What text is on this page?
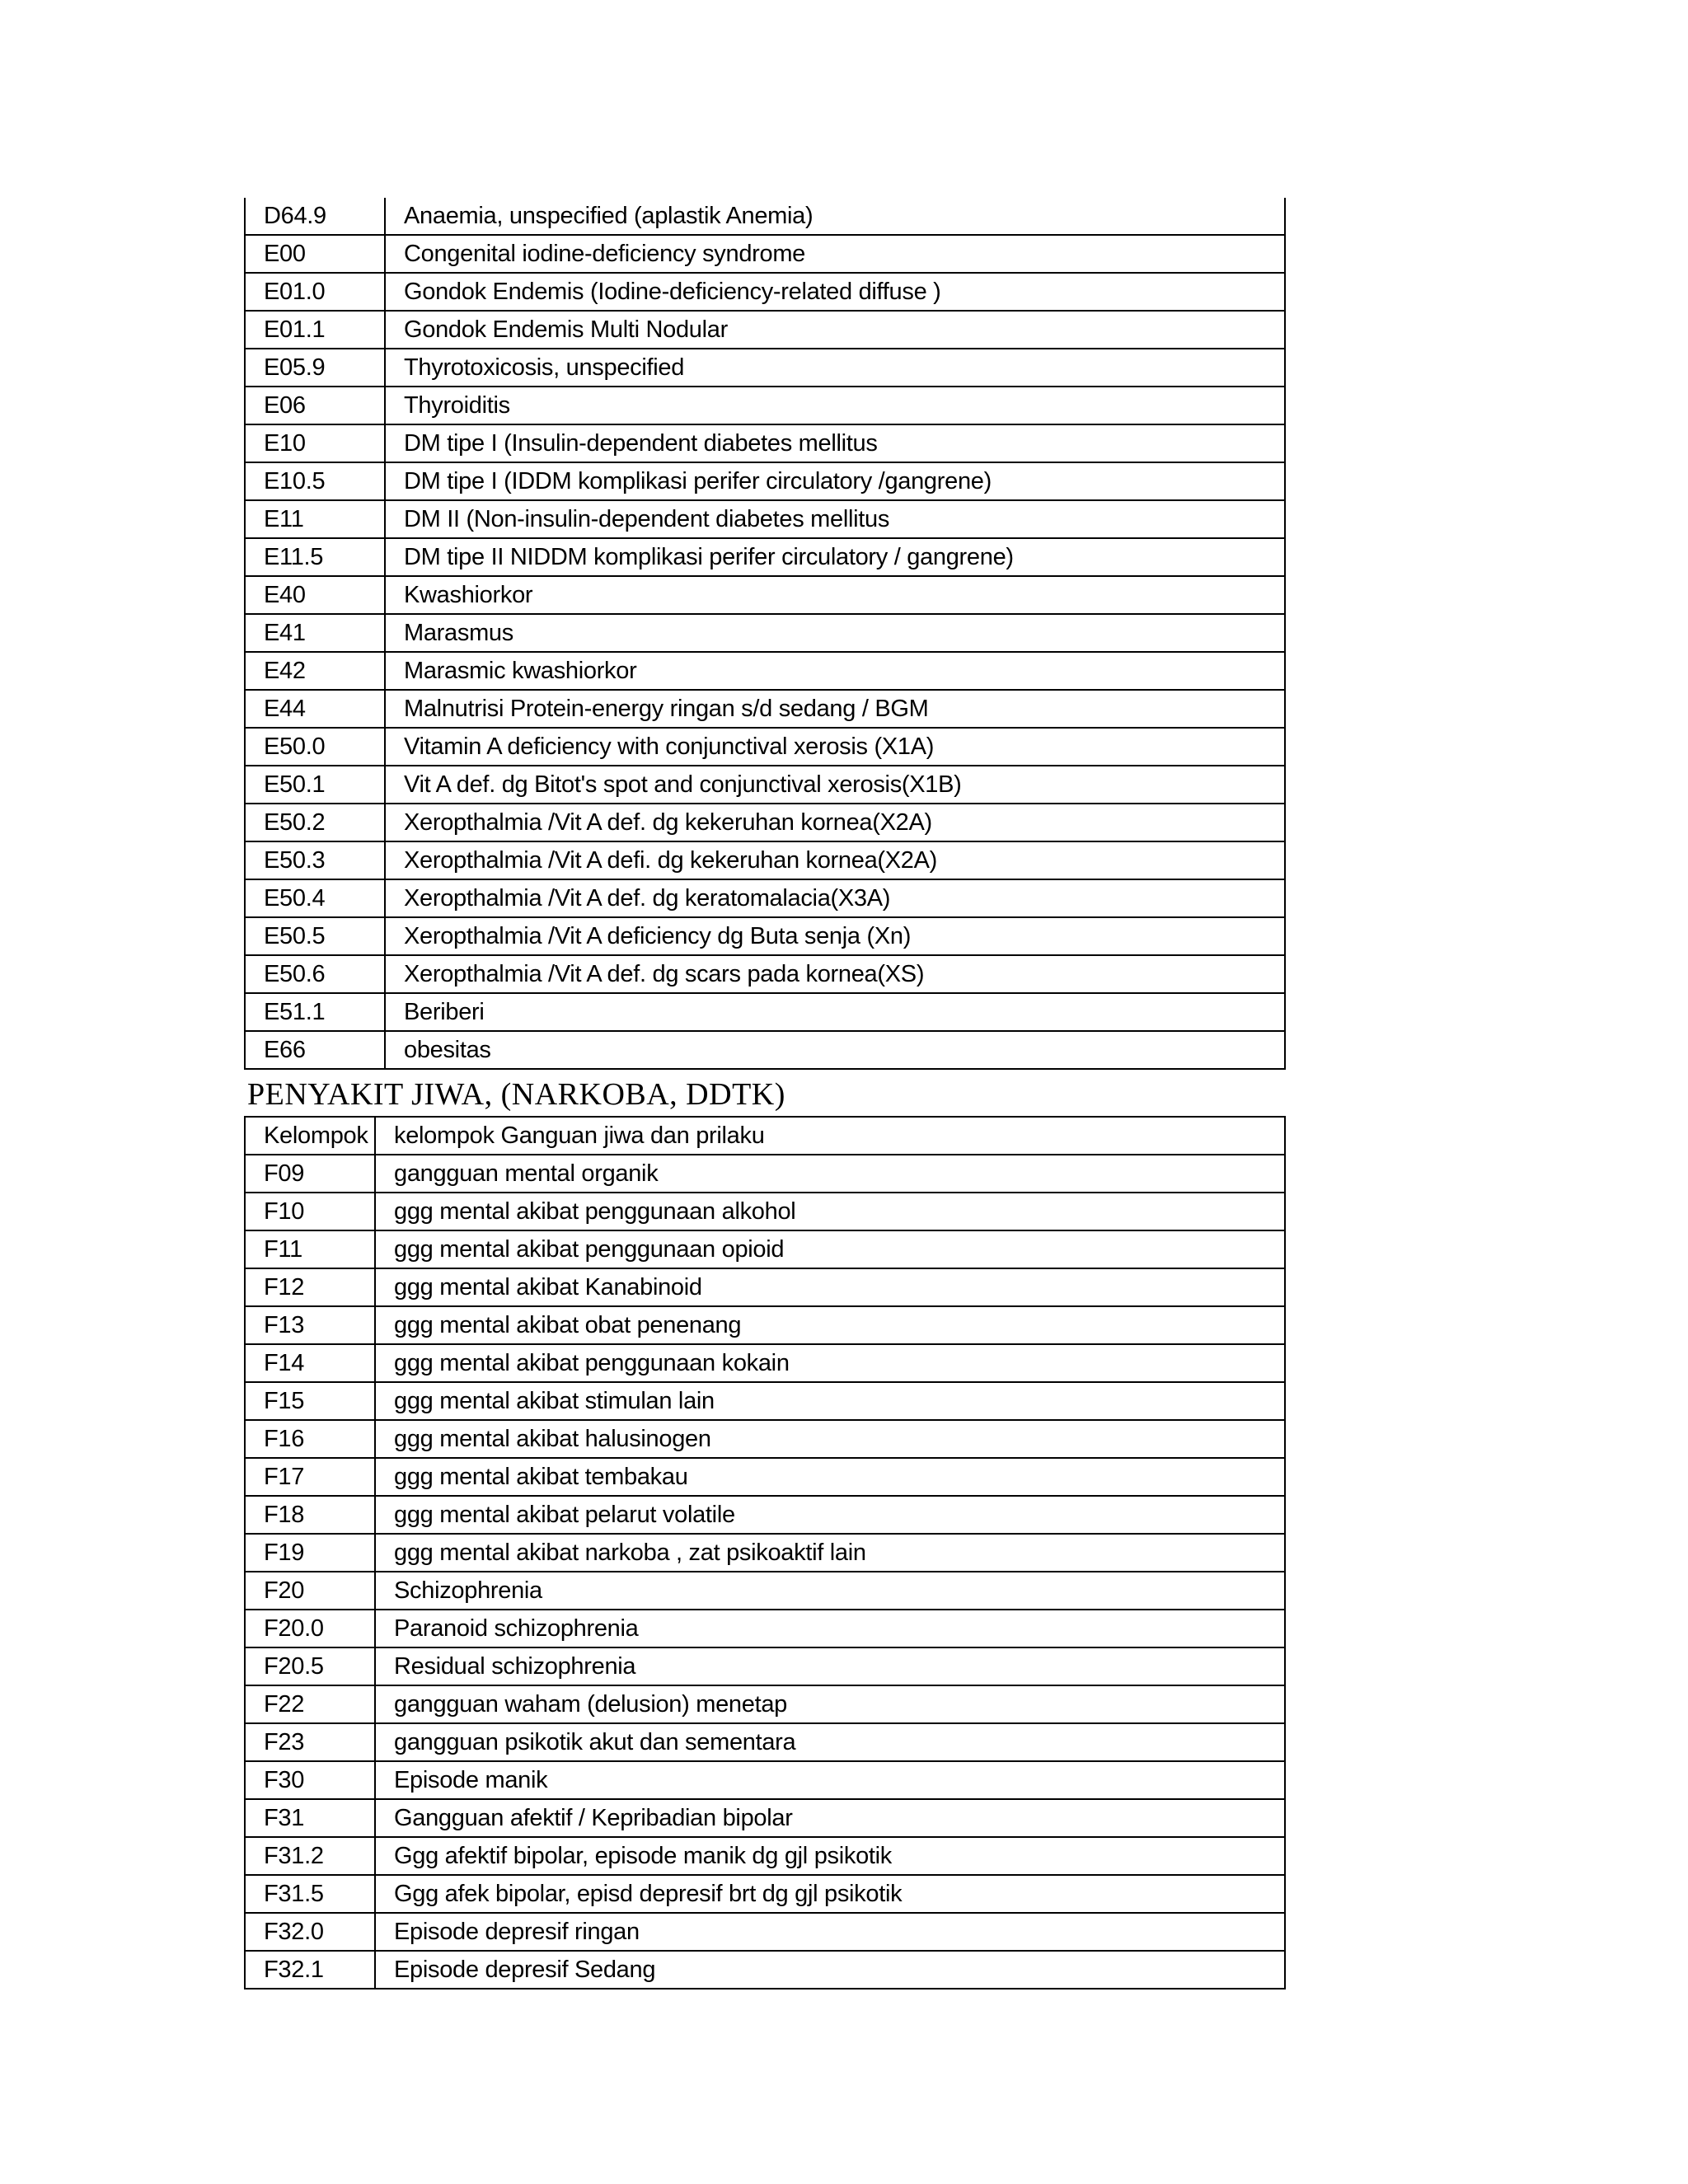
D64.9	Anaemia, unspecified (aplastik Anemia)
E00	Congenital iodine-deficiency syndrome
E01.0	Gondok Endemis (Iodine-deficiency-related diffuse )
E01.1	Gondok Endemis Multi Nodular
E05.9	Thyrotoxicosis, unspecified
E06	Thyroiditis
E10	DM tipe I (Insulin-dependent diabetes mellitus
E10.5	DM tipe I (IDDM komplikasi perifer circulatory /gangrene)
E11	DM II (Non-insulin-dependent diabetes mellitus
E11.5	DM tipe II NIDDM komplikasi perifer circulatory / gangrene)
E40	Kwashiorkor
E41	Marasmus
E42	Marasmic kwashiorkor
E44	Malnutrisi Protein-energy ringan s/d sedang / BGM
E50.0	Vitamin A deficiency with conjunctival xerosis (X1A)
E50.1	Vit A def. dg Bitot's spot and conjunctival xerosis(X1B)
E50.2	Xeropthalmia /Vit A def. dg kekeruhan kornea(X2A)
E50.3	Xeropthalmia /Vit A defi. dg kekeruhan kornea(X2A)
E50.4	Xeropthalmia /Vit A def. dg keratomalacia(X3A)
E50.5	Xeropthalmia /Vit A deficiency dg Buta senja (Xn)
E50.6	Xeropthalmia /Vit A def. dg scars pada kornea(XS)
E51.1	Beriberi
E66	obesitas
PENYAKIT JIWA, (NARKOBA, DDTK)
Kelompok	kelompok Ganguan jiwa dan prilaku
F09	gangguan mental organik
F10	ggg mental akibat penggunaan alkohol
F11	ggg mental akibat penggunaan opioid
F12	ggg mental akibat Kanabinoid
F13	ggg mental akibat obat penenang
F14	ggg mental akibat penggunaan kokain
F15	ggg mental akibat stimulan lain
F16	ggg mental akibat halusinogen
F17	ggg mental akibat tembakau
F18	ggg mental akibat pelarut volatile
F19	ggg mental akibat narkoba , zat psikoaktif lain
F20	Schizophrenia
F20.0	Paranoid schizophrenia
F20.5	Residual schizophrenia
F22	gangguan waham (delusion) menetap
F23	gangguan psikotik akut dan sementara
F30	Episode manik
F31	Gangguan afektif / Kepribadian bipolar
F31.2	Ggg afektif bipolar, episode manik dg gjl psikotik
F31.5	Ggg afek bipolar, episd depresif brt dg gjl psikotik
F32.0	Episode depresif ringan
F32.1	Episode depresif Sedang
